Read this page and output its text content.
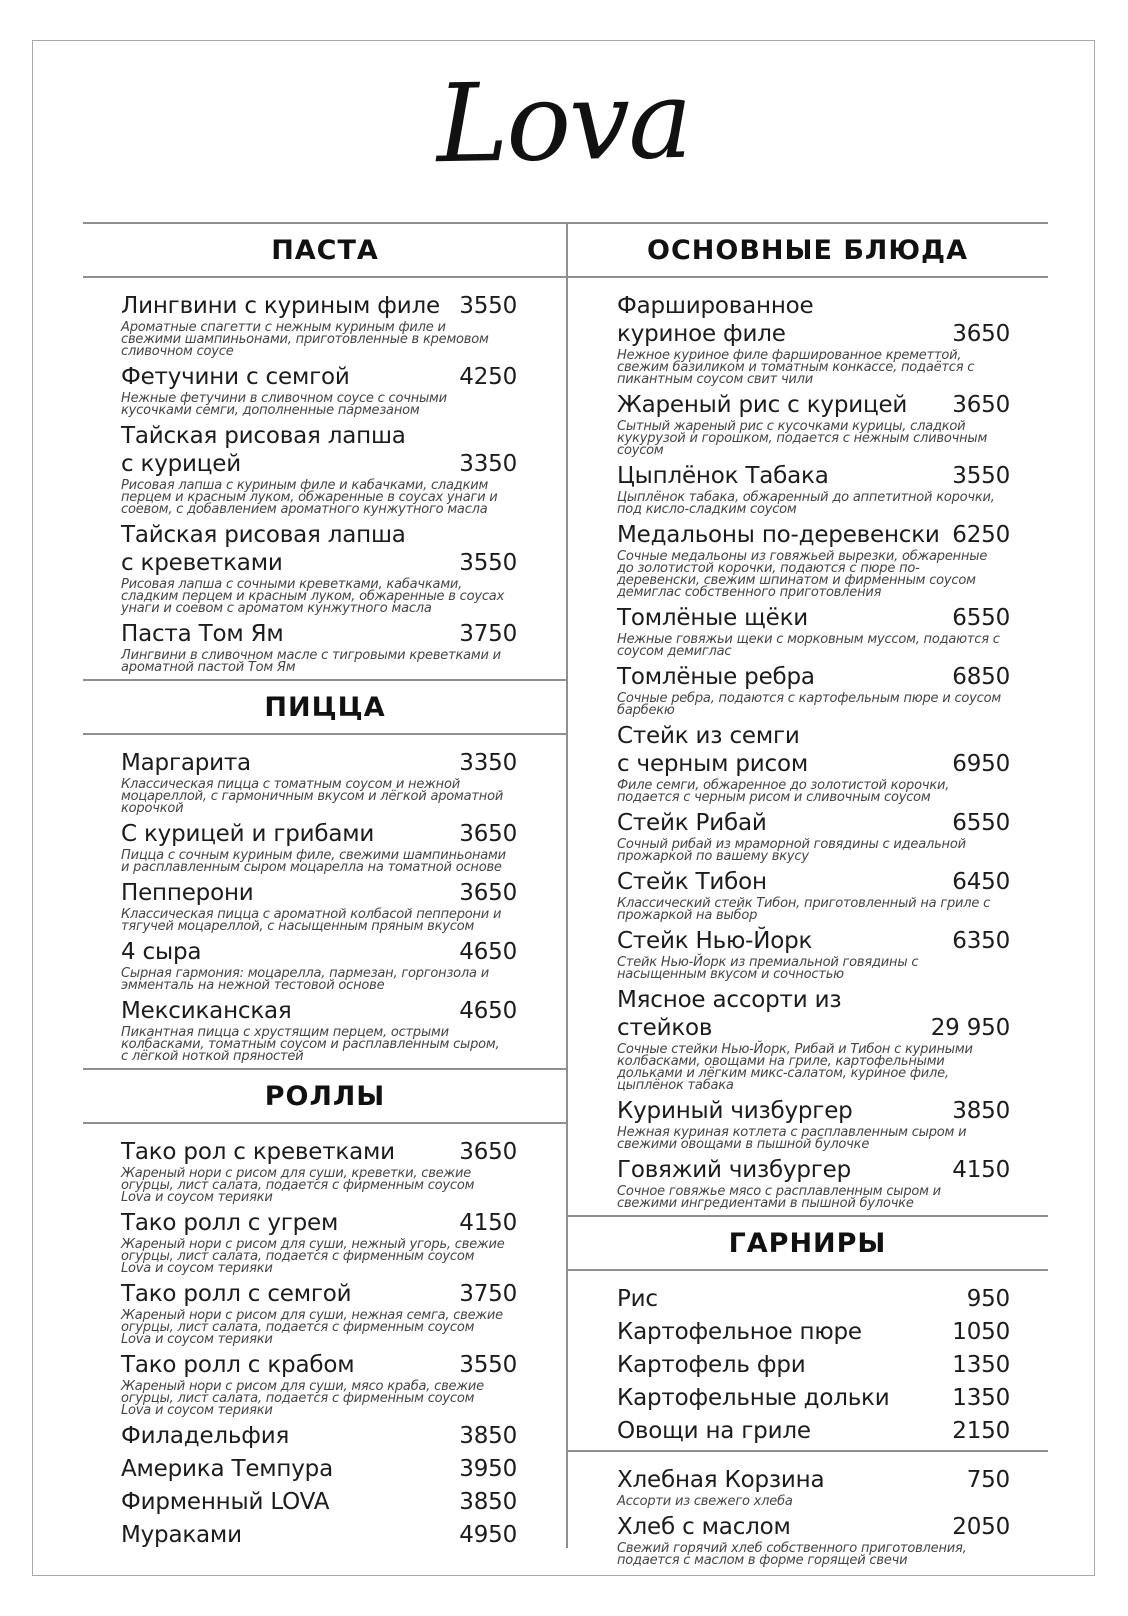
Lova
ПАСТА
Лингвини с куриным филе 3550
Ароматные спагетти с нежным куриным филе и свежими шампиньонами, приготовленные в кремовом сливочном соусе
Фетучини с семгой	4250
Нежные фетучини в сливочном соусе с сочными кусочками семги, дополненные пармезаном
Тайская рисовая лапша
с курицей	3350
Рисовая лапша с куриным филе и кабачками, сладким перцем и красным луком, обжаренные в соусах унаги и соевом, с добавлением ароматного кунжутного масла
Тайская рисовая лапша
с креветками	3550
Рисовая лапша с сочными креветками, кабачками, сладким перцем и красным луком, обжаренные в соусах унаги и соевом с ароматом кунжутного масла
Паста Том Ям	3750
Лингвини в сливочном масле с тигровыми креветками и ароматной пастой Том Ям
ПИЦЦА
Маргарита	3350
Классическая пицца с томатным соусом и нежной моцареллой, с гармоничным вкусом и лёгкой ароматной корочкой
С курицей и грибами	3650
Пицца с сочным куриным филе, свежими шампиньонами и расплавленным сыром моцарелла на томатной основе
Пепперони	3650
Классическая пицца с ароматной колбасой пепперони и тягучей моцареллой, с насыщенным пряным вкусом
4 сыра	4650
Сырная гармония: моцарелла, пармезан, горгонзола и эмменталь на нежной тестовой основе
Мексиканская	4650
Пикантная пицца с хрустящим перцем, острыми колбасками, томатным соусом и расплавленным сыром, с лёгкой ноткой пряностей
РОЛЛЫ
Тако рол с креветками	3650
Жареный нори с рисом для суши, креветки, свежие огурцы, лист салата, подается с фирменным соусом Lova и соусом терияки
Тако ролл с угрем	4150
Жареный нори с рисом для суши, нежный угорь, свежие огурцы, лист салата, подается с фирменным соусом Lova и соусом терияки
Тако ролл с семгой	3750
Жареный нори с рисом для суши, нежная семга, свежие огурцы, лист салата, подается с фирменным соусом Lova и соусом терияки
Тако ролл с крабом	3550
Жареный нори с рисом для суши, мясо краба, свежие огурцы, лист салата, подается с фирменным соусом Lova и соусом терияки
Филадельфия	3850
Америка Темпура	3950
Фирменный LOVA	3850
Мураками	4950
ОСНОВНЫЕ БЛЮДА
Фаршированное
куриное филе	3650
Нежное куриное филе фаршированное креметтой, свежим базиликом и томатным конкассе, подаётся с пикантным соусом свит чили
Жареный рис с курицей	3650
Сытный жареный рис с кусочками курицы, сладкой кукурузой и горошком, подается с нежным сливочным соусом
Цыплёнок Табака	3550
Цыплёнок табака, обжаренный до аппетитной корочки, под кисло-сладким соусом
Медальоны по-деревенски 6250
Сочные медальоны из говяжьей вырезки, обжаренные до золотистой корочки, подаются с пюре по-деревенски, свежим шпинатом и фирменным соусом демиглас собственного приготовления
Томлёные щёки	6550
Нежные говяжьи щеки с морковным муссом, подаются с соусом демиглас
Томлёные ребра	6850
Сочные ребра, подаются с картофельным пюре и соусом барбекю
Стейк из семги
с черным рисом	6950
Филе семги, обжаренное до золотистой корочки, подается с черным рисом и сливочным соусом
Стейк Рибай	6550
Сочный рибай из мраморной говядины с идеальной прожаркой по вашему вкусу
Стейк Тибон	6450
Классический стейк Тибон, приготовленный на гриле с прожаркой на выбор
Стейк Нью-Йорк	6350
Стейк Нью-Йорк из премиальной говядины с насыщенным вкусом и сочностью
Мясное ассорти из стейков	29 950
Сочные стейки Нью-Йорк, Рибай и Тибон с куриными колбасками, овощами на гриле, картофельными дольками и лёгким микс-салатом, куриное филе, цыплёнок табака
Куриный чизбургер	3850
Нежная куриная котлета с расплавленным сыром и свежими овощами в пышной булочке
Говяжий чизбургер	4150
Сочное говяжье мясо с расплавленным сыром и свежими ингредиентами в пышной булочке
ГАРНИРЫ
Рис	950
Картофельное пюре	1050
Картофель фри	1350
Картофельные дольки	1350
Овощи на гриле	2150
Хлебная Корзина	750
Ассорти из свежего хлеба
Хлеб с маслом	2050
Свежий горячий хлеб собственного приготовления, подается с маслом в форме горящей свечи
